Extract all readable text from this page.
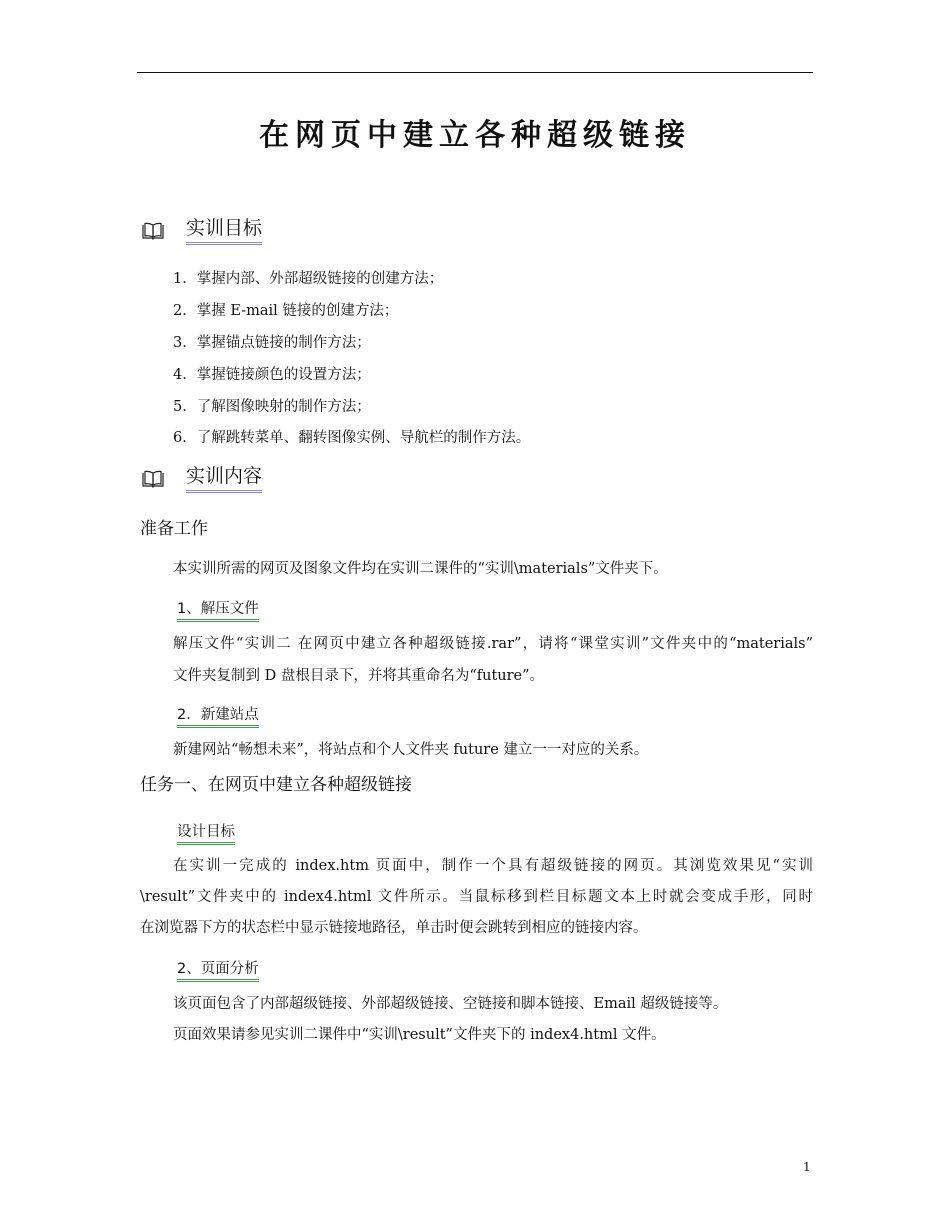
在网页中建立各种超级链接
实训目标
1．掌握内部、外部超级链接的创建方法；
2．掌握 E-mail 链接的创建方法；
3．掌握锚点链接的制作方法；
4．掌握链接颜色的设置方法；
5．了解图像映射的制作方法；
6．了解跳转菜单、翻转图像实例、导航栏的制作方法。
实训内容
准备工作
本实训所需的网页及图象文件均在实训二课件的“实训\materials”文件夹下。
1、解压文件
解压文件“实训二 在网页中建立各种超级链接.rar”，请将“课堂实训”文件夹中的“materials”
文件夹复制到 D 盘根目录下，并将其重命名为“future”。
2．新建站点
新建网站“畅想未来”，将站点和个人文件夹 future 建立一一对应的关系。
任务一、在网页中建立各种超级链接
设计目标
在实训一完成的 index.htm 页面中，制作一个具有超级链接的网页。其浏览效果见“实训
\result”文件夹中的 index4.html 文件所示。当鼠标移到栏目标题文本上时就会变成手形，同时
在浏览器下方的状态栏中显示链接地路径，单击时便会跳转到相应的链接内容。
2、页面分析
该页面包含了内部超级链接、外部超级链接、空链接和脚本链接、Email 超级链接等。
页面效果请参见实训二课件中“实训\result”文件夹下的 index4.html 文件。
1
